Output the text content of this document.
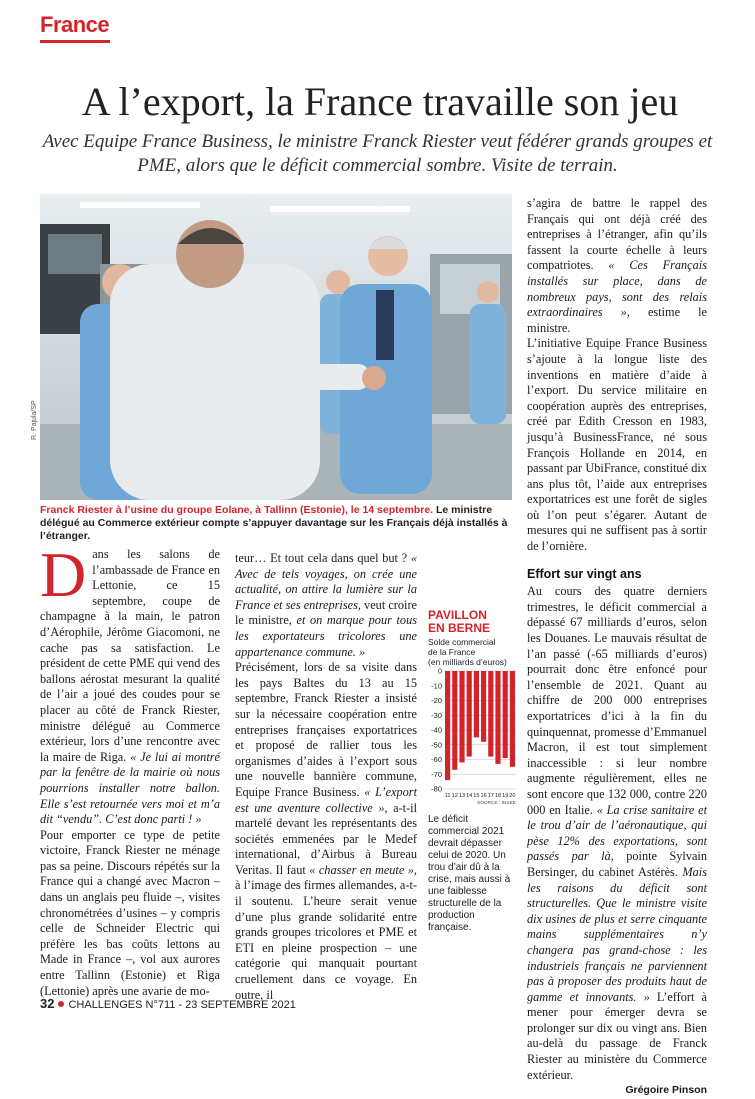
France
A l’export, la France travaille son jeu
Avec Equipe France Business, le ministre Franck Riester veut fédérer grands groupes et PME, alors que le déficit commercial sombre. Visite de terrain.
R. Pajula/SP
Franck Riester à l’usine du groupe Eolane, à Tallinn (Estonie), le 14 septembre. Le ministre délégué au Commerce extérieur compte s’appuyer davantage sur les Français déjà installés à l’étranger.

Dans les salons de l’ambassade de France en Lettonie, ce 15 septembre, coupe de champagne à la main, le patron d’Aérophile, Jérôme Giacomoni, ne cache pas sa satisfaction. Le président de cette PME qui vend des ballons aérostat mesurant la qualité de l’air a joué des coudes pour se placer au côté de Franck Riester, ministre délégué au Commerce extérieur, lors d’une rencontre avec la maire de Riga. « Je lui ai montré par la fenêtre de la mairie où nous pourrions installer notre ballon. Elle s’est retournée vers moi et m’a dit “vendu”. C’est donc parti ! »

Pour emporter ce type de petite victoire, Franck Riester ne ménage pas sa peine. Discours répétés sur la France qui a changé avec Macron – dans un anglais peu fluide –, visites chronométrées d’usines – y compris celle de Schneider Electric qui préfère les bas coûts lettons au Made in France –, vol aux aurores entre Tallinn (Estonie) et Riga (Lettonie) après une avarie de mo-

teur… Et tout cela dans quel but ? « Avec de tels voyages, on crée une actualité, on attire la lumière sur la France et ses entreprises, veut croire le ministre, et on marque pour tous les exportateurs tricolores une appartenance commune. »

Précisément, lors de sa visite dans les pays Baltes du 13 au 15 septembre, Franck Riester a insisté sur la nécessaire coopération entre entreprises françaises exportatrices et proposé de rallier tous les organismes d’aides à l’export sous une nouvelle bannière commune, Equipe France Business. « L’export est une aventure collective », a-t-il martelé devant les représentants des sociétés emmenées par le Medef international, d’Airbus à Bureau Veritas. Il faut « chasser en meute », à l’image des firmes allemandes, a-t-il soutenu. L’heure serait venue d’une plus grande solidarité entre grands groupes tricolores et PME et ETI en pleine prospection – une catégorie qui manquait pourtant cruellement dans ce voyage. En outre, il

PAVILLON
EN BERNE
Solde commercial
de la France
(en milliards d’euros)
0
-10
-20
-30
-40
-50
-60
-70
-80
11 12 13 14 15 16 17 18 19 20
SOURCE : INSEE
Le déficit commercial 2021 devrait dépasser celui de 2020. Un trou d’air dû à la crise, mais aussi à une faiblesse structurelle de la production française.

s’agira de battre le rappel des Français qui ont déjà créé des entreprises à l’étranger, afin qu’ils fassent la courte échelle à leurs compatriotes. « Ces Français installés sur place, dans de nombreux pays, sont des relais extraordinaires », estime le ministre.

L’initiative Equipe France Business s’ajoute à la longue liste des inventions en matière d’aide à l’export. Du service militaire en coopération auprès des entreprises, créé par Edith Cresson en 1983, jusqu’à BusinessFrance, né sous François Hollande en 2014, en passant par UbiFrance, constitué dix ans plus tôt, l’aide aux entreprises exportatrices est une forêt de sigles où l’on peut s’égarer. Autant de mesures qui ne suffisent pas à sortir de l’ornière.

Effort sur vingt ans

Au cours des quatre derniers trimestres, le déficit commercial a dépassé 67 milliards d’euros, selon les Douanes. Le mauvais résultat de l’an passé (-65 milliards d’euros) pourrait donc être enfoncé pour l’ensemble de 2021. Quant au chiffre de 200 000 entreprises exportatrices d’ici à la fin du quinquennat, promesse d’Emmanuel Macron, il est tout simplement inaccessible : si leur nombre augmente régulièrement, elles ne sont encore que 132 000, contre 220 000 en Italie. « La crise sanitaire et le trou d’air de l’aéronautique, qui pèse 12% des exportations, sont passés par là, pointe Sylvain Bersinger, du cabinet Astérès. Mais les raisons du déficit sont structurelles. Que le ministre visite dix usines de plus et serre cinquante mains supplémentaires n’y changera pas grand-chose : les industriels français ne parviennent pas à proposer des produits haut de gamme et innovants. » L’effort à mener pour émerger devra se prolonger sur dix ou vingt ans. Bien au-delà du passage de Franck Riester au ministère du Commerce extérieur.

Grégoire Pinson
32 CHALLENGES N°711 - 23 SEPTEMBRE 2021
